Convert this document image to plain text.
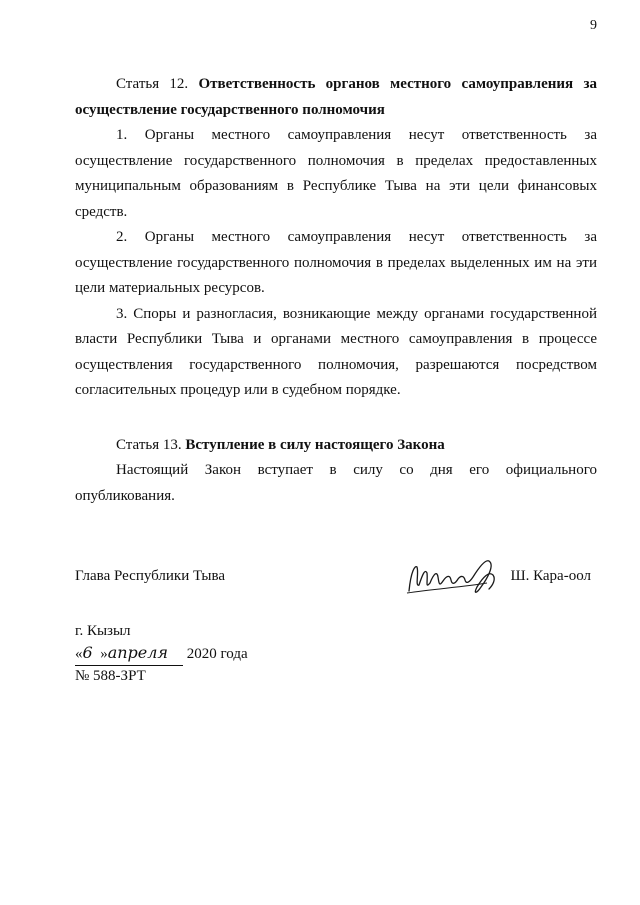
9

Статья 12. Ответственность органов местного самоуправления за осуществление государственного полномочия

1. Органы местного самоуправления несут ответственность за осуществление государственного полномочия в пределах предоставленных муниципальным образованиям в Республике Тыва на эти цели финансовых средств.

2. Органы местного самоуправления несут ответственность за осуществление государственного полномочия в пределах выделенных им на эти цели материальных ресурсов.

3. Споры и разногласия, возникающие между органами государственной власти Республики Тыва и органами местного самоуправления в процессе осуществления государственного полномочия, разрешаются посредством согласительных процедур или в судебном порядке.

Статья 13. Вступление в силу настоящего Закона

Настоящий Закон вступает в силу со дня его официального опубликования.

Глава Республики Тыва	Ш. Кара-оол
г. Кызыл
«6 »апреля 2020 года
№ 588-ЗРТ
